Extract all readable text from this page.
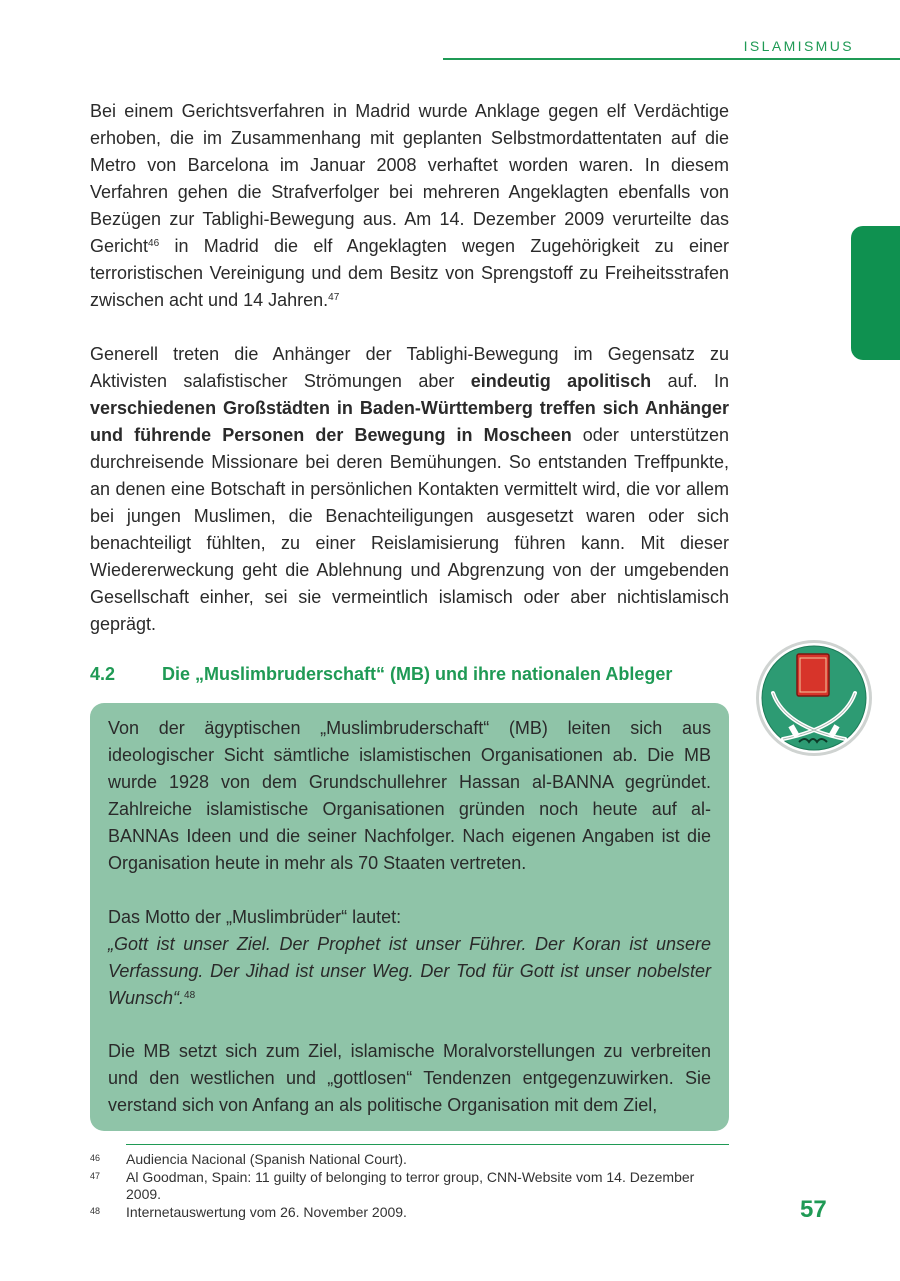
ISLAMISMUS

Bei einem Gerichtsverfahren in Madrid wurde Anklage gegen elf Verdächtige erhoben, die im Zusammenhang mit geplanten Selbstmordattentaten auf die Metro von Barcelona im Januar 2008 verhaftet worden waren. In diesem Verfahren gehen die Strafverfolger bei mehreren Angeklagten ebenfalls von Bezügen zur Tablighi-Bewegung aus. Am 14. Dezember 2009 verurteilte das Gericht$^{46}$ in Madrid die elf Angeklagten wegen Zugehörigkeit zu einer terroristischen Vereinigung und dem Besitz von Sprengstoff zu Freiheitsstrafen zwischen acht und 14 Jahren.$^{47}$

Generell treten die Anhänger der Tablighi-Bewegung im Gegensatz zu Aktivisten salafistischer Strömungen aber eindeutig apolitisch auf. In verschiedenen Großstädten in Baden-Württemberg treffen sich Anhänger und führende Personen der Bewegung in Moscheen oder unterstützen durchreisende Missionare bei deren Bemühungen. So entstanden Treffpunkte, an denen eine Botschaft in persönlichen Kontakten vermittelt wird, die vor allem bei jungen Muslimen, die Benachteiligungen ausgesetzt waren oder sich benachteiligt fühlten, zu einer Reislamisierung führen kann. Mit dieser Wiedererweckung geht die Ablehnung und Abgrenzung von der umgebenden Gesellschaft einher, sei sie vermeintlich islamisch oder aber nichtislamisch geprägt.

4.2	Die „Muslimbruderschaft“ (MB) und ihre nationalen Ableger

Von der ägyptischen „Muslimbruderschaft“ (MB) leiten sich aus ideologischer Sicht sämtliche islamistischen Organisationen ab. Die MB wurde 1928 von dem Grundschullehrer Hassan al-BANNA gegründet. Zahlreiche islamistische Organisationen gründen noch heute auf al-BANNAs Ideen und die seiner Nachfolger. Nach eigenen Angaben ist die Organisation heute in mehr als 70 Staaten vertreten.

Das Motto der „Muslimbrüder“ lautet:
„Gott ist unser Ziel. Der Prophet ist unser Führer. Der Koran ist unsere Verfassung. Der Jihad ist unser Weg. Der Tod für Gott ist unser nobelster Wunsch“.$^{48}$

Die MB setzt sich zum Ziel, islamische Moralvorstellungen zu verbreiten und den westlichen und „gottlosen“ Tendenzen entgegenzuwirken. Sie verstand sich von Anfang an als politische Organisation mit dem Ziel,

46	Audiencia Nacional (Spanish National Court).
47	Al Goodman, Spain: 11 guilty of belonging to terror group, CNN-Website vom 14. Dezember 2009.
48	Internetauswertung vom 26. November 2009.	57
